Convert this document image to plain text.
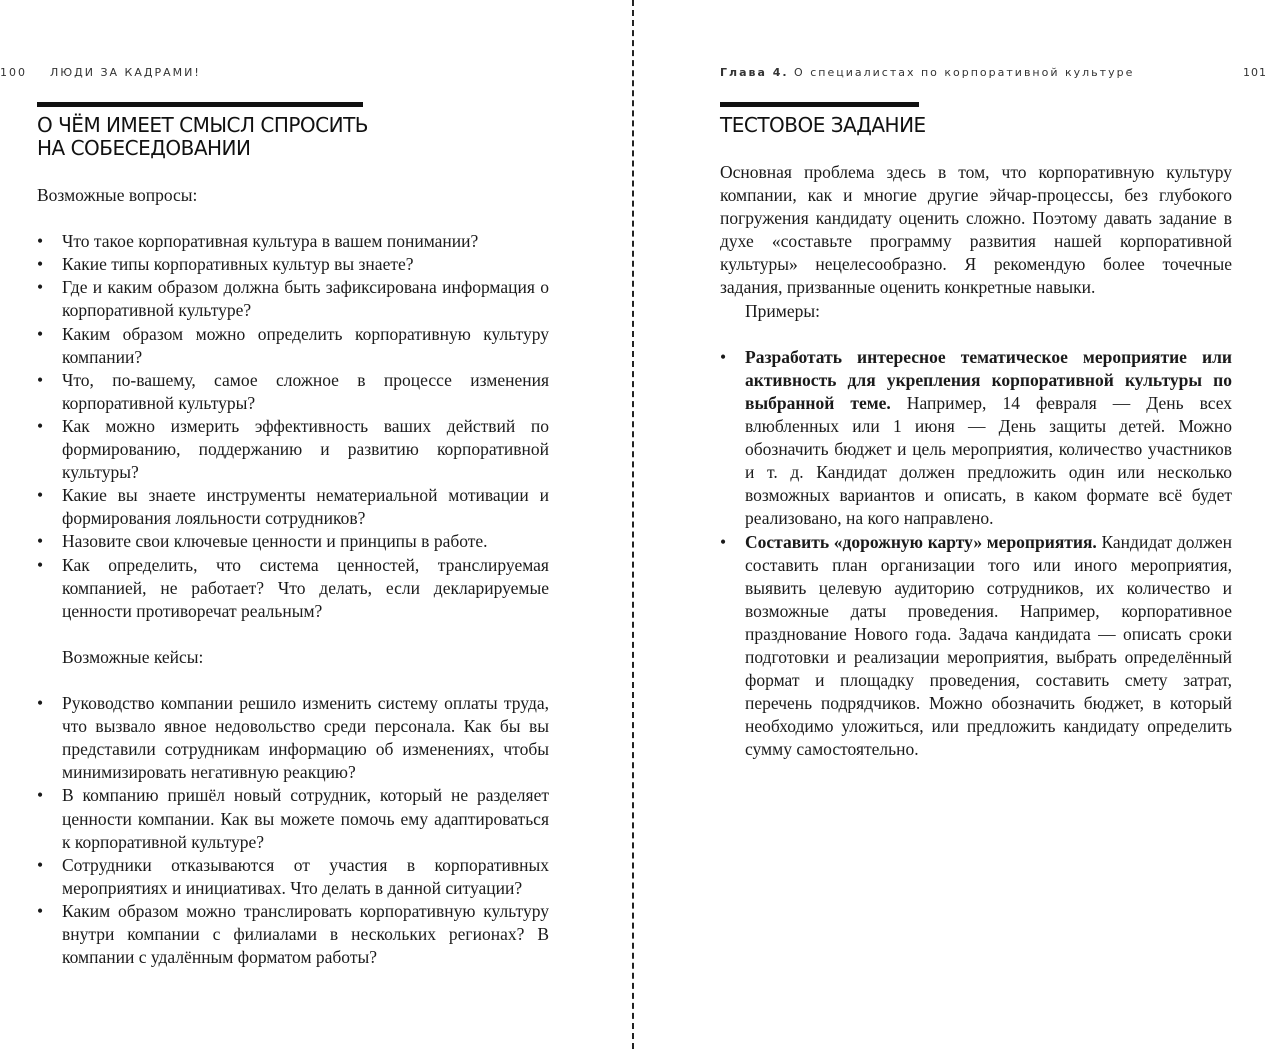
100 ЛЮДИ ЗА КАДРАМИ!
О ЧЁМ ИМЕЕТ СМЫСЛ СПРОСИТЬ
НА СОБЕСЕДОВАНИИ

Возможные вопросы:

• Что такое корпоративная культура в вашем понимании?
• Какие типы корпоративных культур вы знаете?
• Где и каким образом должна быть зафиксирована информация о корпоративной культуре?
• Каким образом можно определить корпоративную культуру компании?
• Что, по-вашему, самое сложное в процессе изменения корпоративной культуры?
• Как можно измерить эффективность ваших действий по формированию, поддержанию и развитию корпоративной культуры?
• Какие вы знаете инструменты нематериальной мотивации и формирования лояльности сотрудников?
• Назовите свои ключевые ценности и принципы в работе.
• Как определить, что система ценностей, транслируемая компанией, не работает? Что делать, если декларируемые ценности противоречат реальным?

Возможные кейсы:

• Руководство компании решило изменить систему оплаты труда, что вызвало явное недовольство среди персонала. Как бы вы представили сотрудникам информацию об изменениях, чтобы минимизировать негативную реакцию?
• В компанию пришёл новый сотрудник, который не разделяет ценности компании. Как вы можете помочь ему адаптироваться к корпоративной культуре?
• Сотрудники отказываются от участия в корпоративных мероприятиях и инициативах. Что делать в данной ситуации?
• Каким образом можно транслировать корпоративную культуру внутри компании с филиалами в нескольких регионах? В компании с удалённым форматом работы?
Глава 4. О специалистах по корпоративной культуре	101
ТЕСТОВОЕ ЗАДАНИЕ

Основная проблема здесь в том, что корпоративную культуру компании, как и многие другие эйчар-процессы, без глубокого погружения кандидату оценить сложно. Поэтому давать задание в духе «составьте программу развития нашей корпоративной культуры» нецелесообразно. Я рекомендую более точечные задания, призванные оценить конкретные навыки.

Примеры:

• Разработать интересное тематическое мероприятие или активность для укрепления корпоративной культуры по выбранной теме. Например, 14 февраля — День всех влюбленных или 1 июня — День защиты детей. Можно обозначить бюджет и цель мероприятия, количество участников и т. д. Кандидат должен предложить один или несколько возможных вариантов и описать, в каком формате всё будет реализовано, на кого направлено.
• Составить «дорожную карту» мероприятия. Кандидат должен составить план организации того или иного мероприятия, выявить целевую аудиторию сотрудников, их количество и возможные даты проведения. Например, корпоративное празднование Нового года. Задача кандидата — описать сроки подготовки и реализации мероприятия, выбрать определённый формат и площадку проведения, составить смету затрат, перечень подрядчиков. Можно обозначить бюджет, в который необходимо уложиться, или предложить кандидату определить сумму самостоятельно.
